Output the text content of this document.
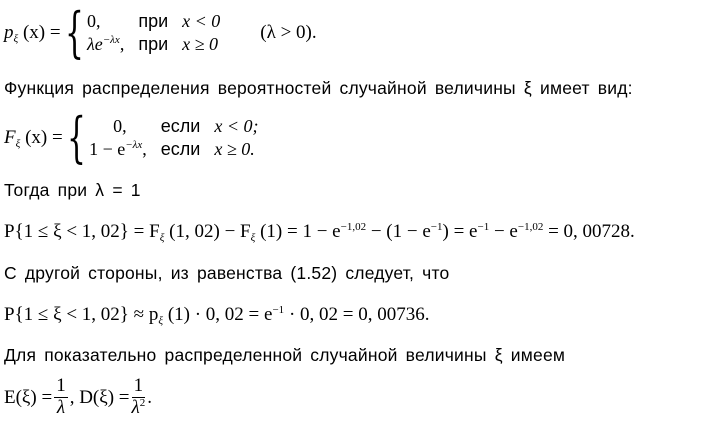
$p_\xi$ (x) = { 0,	при x < 0
$\lambda e^{-\lambda x}$, при x ≥ 0
(λ > 0).
Функция распределения вероятностей случайной величины ξ имеет вид:
$F_\xi$ (x) = {	0,	если x < 0;
$1 - e^{-\lambda x}$, если x ≥ 0.
Тогда при λ = 1
P{1 ≤ ξ < 1, $02\} = F_\xi$ (1, $02) - F_\xi$ $(1) = 1 - e^{-1,02} - (1 - e^{-1}) = e^{-1} - e^{-1,02} = 0$, 00728.
С другой стороны, из равенства (1.52) следует, что
P{1 ≤ ξ < 1, $02\} \approx p_\xi$ (1) · 0, $02 = e^{-1} \cdot 0$, 02 = 0, 00736.
Для показательно распределенной случайной величины ξ имеем
$E(\xi) = \frac{1}{\lambda}$ , $D(\xi) = \frac{1}{\lambda^2}$ .
